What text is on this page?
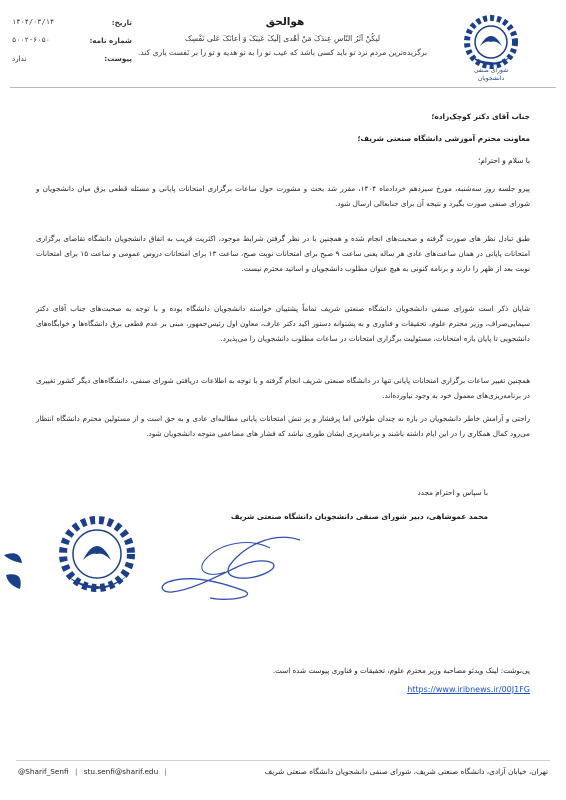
شورای صنفی
دانشجویان
هوالحق
لیکُنْ آثَرُ النّاسِ عِندَکَ مَنْ أهْدی إلَیکَ عَیبَکَ وَ أعانَکَ عَلی نَفْسِک
برگزیده‌ترین مردم نزد تو باید کسی باشد که عیب تو را به تو هدیه و تو را بر نَفست یاری کند.
تاریخ:
۱۴۰۴/۰۳/۱۴
شماره نامه:
۵۰۰۲-۶۰۵۰
پیوست:
ندارد
جناب آقای دکتر کوچک‌زاده؛
معاونت محترم آموزشی دانشگاه صنعتی شریف؛
با سلام و احترام؛
پیرو جلسه روز سه‌شنبه، مورخ سیزدهم خردادماه ۱۴۰۴، مقرر شد بحث و مشورت حول ساعات برگزاری امتحانات پایانی و مسئله قطعی برق میان دانشجویان و شورای صنفی صورت بگیرد و نتیجه آن برای جنابعالی ارسال شود.
طبق تبادل نظر های صورت گرفته و صحبت‌های انجام شده و همچنین با در نظر گرفتن شرایط موجود، اکثریت قریب به اتفاق دانشجویان دانشگاه تقاضای برگزاری امتحانات پایانی در همان ساعت‌های عادی هر ساله یعنی ساعت ۹ صبح برای امتحانات نوبت صبح، ساعت ۱۳ برای امتحانات دروس عمومی و ساعت ۱۵ برای امتحانات نوبت بعد از ظهر را دارند و برنامه کنونی به هیچ عنوان مطلوب دانشجویان و اساتید محترم نیست.
شایان ذکر است شورای صنفی دانشجویان دانشگاه صنعتی شریف تماماً پشتیبان خواسته دانشجویان دانشگاه بوده و با توجه به صحبت‌های جناب آقای دکتر سیمایی‌صراف، وزیر محترم علوم، تحقیقات و فناوری و به پشتوانه دستور اکید دکتر عارف، معاون اول رئیس‌جمهور، مبنی بر عدم قطعی برق دانشگاه‌ها و خوابگاه‌های دانشجویی تا پایان بازه امتحانات، مسئولیت برگزاری امتحانات در ساعات مطلوب دانشجویان را می‌پذیرد.
همچنین تغییر ساعات برگزاری امتحانات پایانی تنها در دانشگاه صنعتی شریف انجام گرفته و با توجه به اطلاعات دریافتی شورای صنفی، دانشگاه‌های دیگر کشور تغییری در برنامه‌ریزی‌های معمول خود به وجود نیاورده‌اند.
راحتی و آرامش خاطر دانشجویان در بازه نه چندان طولانی اما پرفشار و پر تنش امتحانات پایانی مطالبه‌ای عادی و به حق است و از مسئولین محترم دانشگاه انتظار می‌رود کمال همکاری را در این ایام داشته باشند و برنامه‌ریزی ایشان طوری نباشد که فشار های مضاعفی متوجه دانشجویان شود.
با سپاس و احترام مجدد
محمد عموشاهی، دبیر شورای صنفی دانشجویان دانشگاه صنعتی شریف
پی‌نوشت: لینک ویدئو مصاحبه وزیر محترم علوم، تحقیقات و فناوری پیوست شده است.
https://www.iribnews.ir/00J1FG
@Sharif_Senfi | stu.senfi@sharif.edu |	تهران، خیابان آزادی، دانشگاه صنعتی شریف، شورای صنفی دانشجویان دانشگاه صنعتی شریف
